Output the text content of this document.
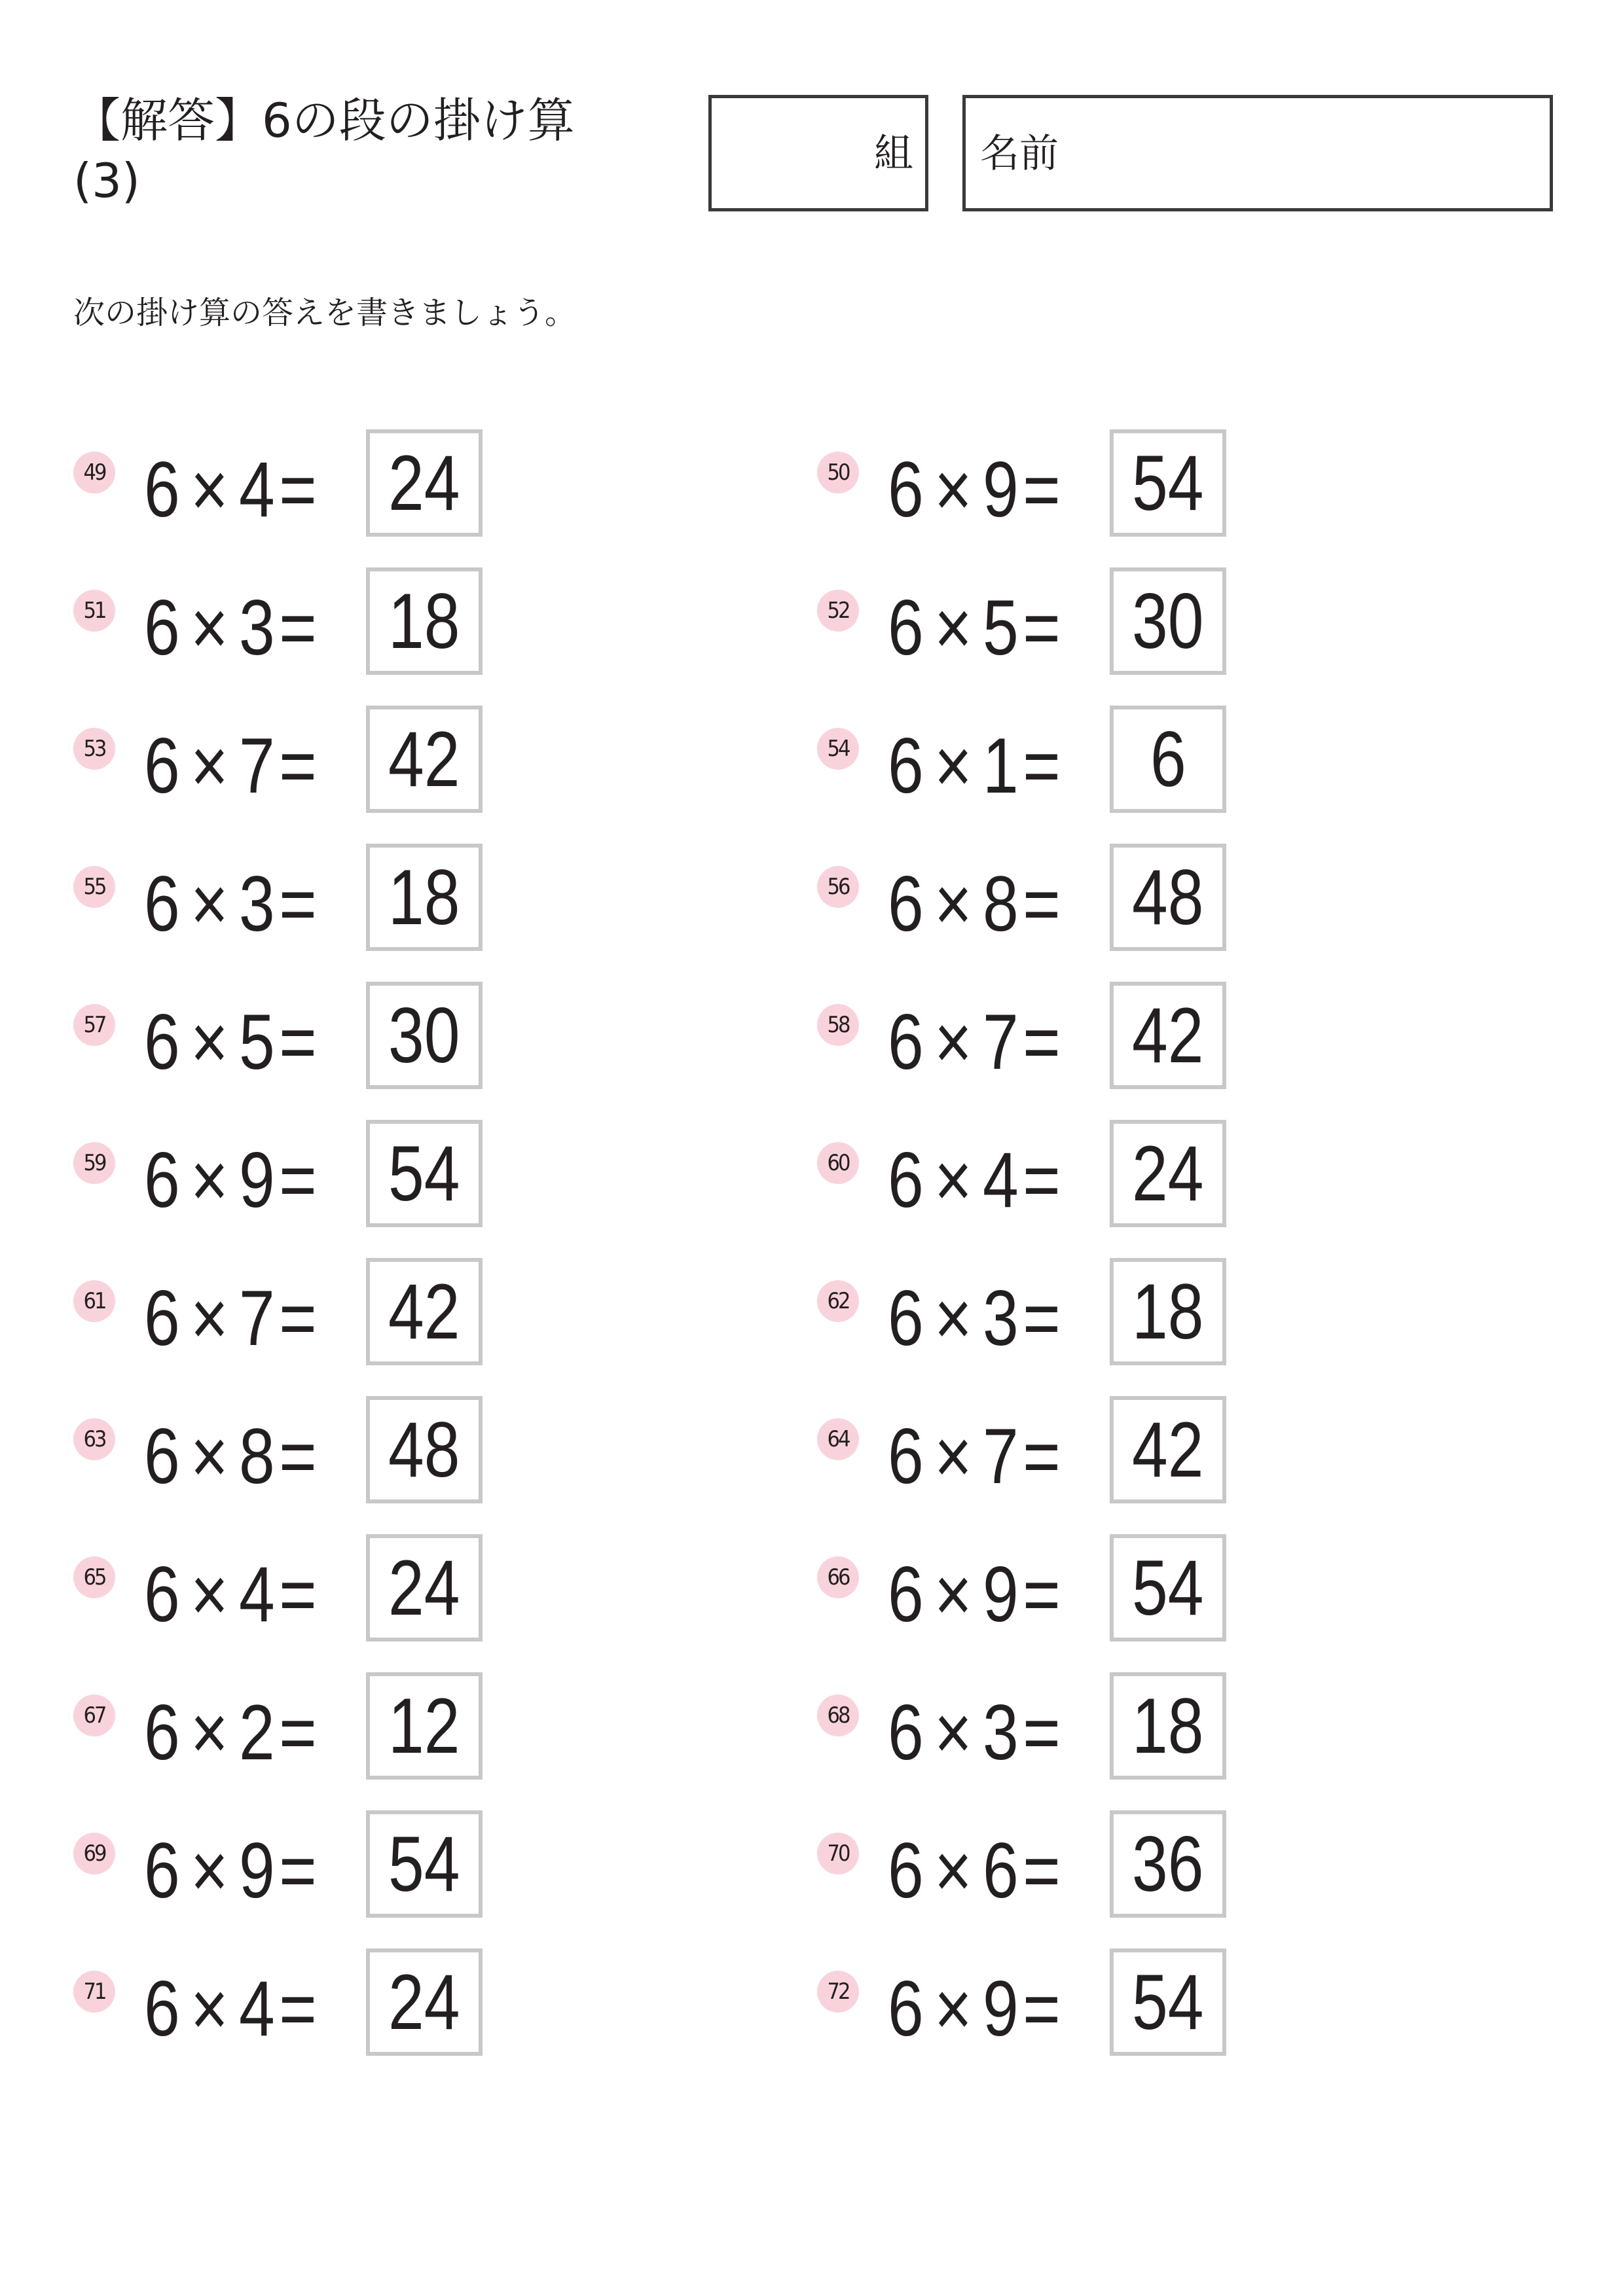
【解答】6の段の掛け算
(3)	組 名前
次の掛け算の答えを書きましょう。
49 6 × 4= 24	50 6 × 9= 54
51 6 × 3= 18	52 6 × 5= 30
53 6 × 7= 42	54 6 × 1=	6
55 6 × 3= 18	56 6 × 8= 48
57 6 × 5= 30	58 6 × 7= 42
59 6 × 9= 54	60 6 × 4= 24
61 6 × 7= 42	62 6 × 3= 18
63 6 × 8= 48	64 6 × 7= 42
65 6 × 4= 24	66 6 × 9= 54
67 6 × 2= 12	68 6 × 3= 18
69 6 × 9= 54	70 6 × 6= 36
71 6 × 4= 24	72 6 × 9= 54
